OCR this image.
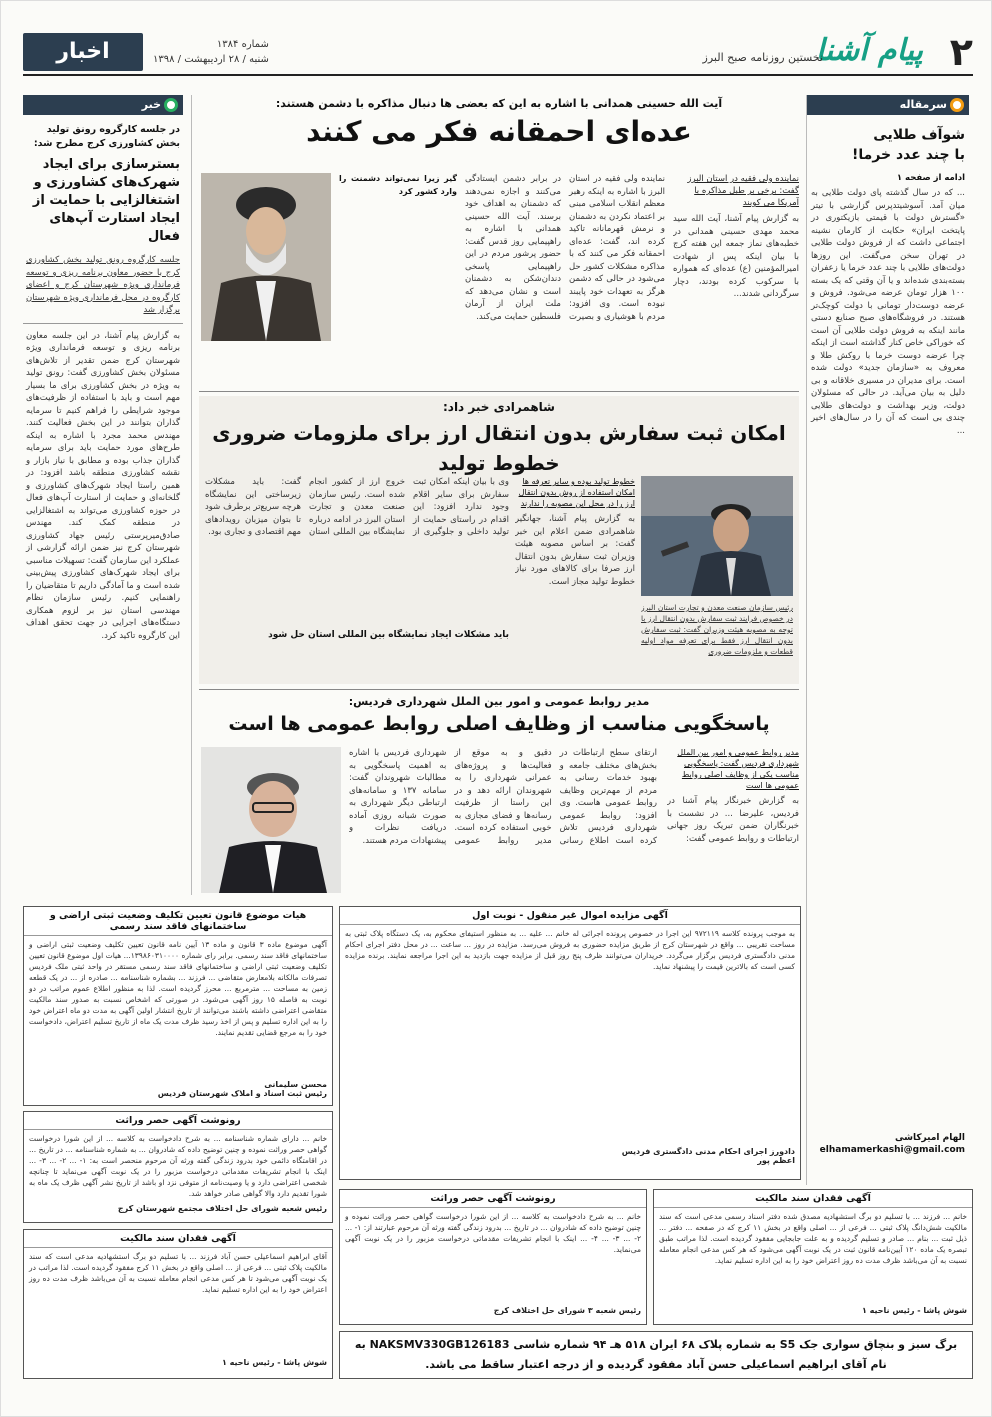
۲
پیام آشنا
نخستین روزنامه صبح البرز
اخبار	شماره ۱۳۸۴
شنبه / ۲۸ اردیبهشت / ۱۳۹۸
سرمقاله
شوآف طلایی
با چند عدد خرما!
ادامه از صفحه ۱
... که در سال گذشته پای دولت طلایی به میان آمد. آسوشیتدپرس گزارشی با تیتر «گسترش دولت با قیمتی بازیکتوری در پایتخت ایران» حکایت از کارمان نشینه اجتماعی داشت که از فروش دولت طلایی در تهران سخن می‌گفت. این روزها دولت‌های طلایی با چند عدد خرما یا زعفران بسته‌بندی شده‌اند و یا آن وقتی که یک بسته ۱۰۰ هزار تومان عرضه می‌شود. فروش و عرضه دوست‌دار تومانی با دولت کوچک‌تر هستند. در فروشگاه‌های صبح صنایع دستی مانند اینکه به فروش دولت طلایی آن است که خوراکی خاص کنار گذاشته است از اینکه چرا عرضه دوست خرما با روکش طلا و معروف به «سازمان جدید» دولت شده است. برای مدیران در مسیری خلاقانه و بی دلیل به بیان می‌آید. در حالی که مسئولان دولت، وزیر بهداشت و دولت‌های طلایی چندی بی است که آن را در سال‌های اخیر ...
الهام امیرکاشی
elhamamerkashi@gmail.com
خبر
در جلسه کارگروه رونق تولید بخش کشاورزی کرج مطرح شد:
بسترسازی برای ایجاد شهرک‌های کشاورزی و اشتغالزایی با حمایت از ایجاد استارت آپ‌های فعال
جلسه کارگروه رونق تولید بخش کشاورزی کرج با حضور معاون برنامه ریزی و توسعه فرمانداری ویژه شهرستان کرج و اعضای کارگروه در محل فرمانداری ویژه شهرستان برگزار شد
به گزارش پیام آشنا، در این جلسه معاون برنامه ریزی و توسعه فرمانداری ویژه شهرستان کرج ضمن تقدیر از تلاش‌های مسئولان بخش کشاورزی گفت: رونق تولید به ویژه در بخش کشاورزی برای ما بسیار مهم است و باید با استفاده از ظرفیت‌های موجود شرایطی را فراهم کنیم تا سرمایه گذاران بتوانند در این بخش فعالیت کنند. مهندس محمد مجرد با اشاره به اینکه طرح‌های مورد حمایت باید برای سرمایه گذاران جذاب بوده و مطابق با نیاز بازار و نقشه کشاورزی منطقه باشد افزود: در همین راستا ایجاد شهرک‌های کشاورزی و گلخانه‌ای و حمایت از استارت آپ‌های فعال در حوزه کشاورزی می‌تواند به اشتغالزایی در منطقه کمک کند. مهندس صادق‌میرپرستی رئیس جهاد کشاورزی شهرستان کرج نیز ضمن ارائه گزارشی از عملکرد این سازمان گفت: تسهیلات مناسبی برای ایجاد شهرک‌های کشاورزی پیش‌بینی شده است و ما آمادگی داریم تا متقاضیان را راهنمایی کنیم. رئیس سازمان نظام مهندسی استان نیز بر لزوم همکاری دستگاه‌های اجرایی در جهت تحقق اهداف این کارگروه تاکید کرد.
آیت الله حسینی همدانی با اشاره به این که بعضی ها دنبال مذاکره با دشمن هستند:
عده‌ای احمقانه فکر می کنند
گیر زیرا نمی‌تواند دشمنت را وارد کشور کرد
نماینده ولی فقیه در استان البرز با اشاره به اینکه رهبر معظم انقلاب اسلامی مبنی بر اعتماد نکردن به دشمنان و نرمش قهرمانانه تاکید کرده اند، گفت: عده‌ای احمقانه فکر می کنند که با مذاکره مشکلات کشور حل می‌شود در حالی که دشمن هرگز به تعهدات خود پایبند نبوده است. وی افزود: مردم با هوشیاری و بصیرت در برابر دشمن ایستادگی می‌کنند و اجازه نمی‌دهند که دشمنان به اهداف خود برسند. آیت الله حسینی همدانی با اشاره به راهپیمایی روز قدس گفت: حضور پرشور مردم در این راهپیمایی پاسخی دندان‌شکن به دشمنان است و نشان می‌دهد که ملت ایران از آرمان فلسطین حمایت می‌کند.
نماینده ولی فقیه در استان البرز گفت: برخی بر طبل مذاکره با آمریکا می کوبند
به گزارش پیام آشنا، آیت الله سید محمد مهدی حسینی همدانی در خطبه‌های نماز جمعه این هفته کرج با بیان اینکه پس از شهادت امیرالمؤمنین (ع) عده‌ای که همواره با سرکوب کرده بودند، دچار سرگردانی شدند...
شاهمرادی خبر داد:
امکان ثبت سفارش بدون انتقال ارز برای ملزومات ضروری خطوط تولید
رئیس سازمان صنعت معدن و تجارت استان البرز در خصوص فرایند ثبت سفارش بدون انتقال ارز با توجه به مصوبه هیئت وزیران گفت: ثبت سفارش بدون انتقال ارز فقط برای تعرفه مواد اولیه قطعات و ملزومات ضروری
خطوط تولید بوده و سایر تعرفه ها امکان استفاده از روش بدون انتقال ارز را در محل این مصوبه را ندارند
به گزارش پیام آشنا، جهانگیر شاهمرادی ضمن اعلام این خبر گفت: بر اساس مصوبه هیئت وزیران ثبت سفارش بدون انتقال ارز صرفا برای کالاهای مورد نیاز خطوط تولید مجاز است.
وی با بیان اینکه امکان ثبت سفارش برای سایر اقلام وجود ندارد افزود: این اقدام در راستای حمایت از تولید داخلی و جلوگیری از خروج ارز از کشور انجام شده است. رئیس سازمان صنعت معدن و تجارت استان البرز در ادامه درباره نمایشگاه بین المللی استان گفت: باید مشکلات زیرساختی این نمایشگاه هرچه سریع‌تر برطرف شود تا بتوان میزبان رویدادهای مهم اقتصادی و تجاری بود.
باید مشکلات ایجاد نمایشگاه بین المللی استان حل شود
مدیر روابط عمومی و امور بین الملل شهرداری فردیس:
پاسخگویی مناسب از وظایف اصلی روابط عمومی ها است
ارتقای سطح ارتباطات در بخش‌های مختلف جامعه و بهبود خدمات رسانی به مردم از مهم‌ترین وظایف روابط عمومی هاست. وی افزود: روابط عمومی شهرداری فردیس تلاش کرده است اطلاع رسانی دقیق و به موقع از فعالیت‌ها و پروژه‌های عمرانی شهرداری را به شهروندان ارائه دهد و در این راستا از ظرفیت رسانه‌ها و فضای مجازی به خوبی استفاده کرده است. مدیر روابط عمومی شهرداری فردیس با اشاره به اهمیت پاسخگویی به مطالبات شهروندان گفت: سامانه ۱۳۷ و سامانه‌های ارتباطی دیگر شهرداری به صورت شبانه روزی آماده دریافت نظرات و پیشنهادات مردم هستند.
مدیر روابط عمومی و امور بین الملل شهرداری فردیس گفت: پاسخگویی مناسب یکی از وظایف اصلی روابط عمومی ها است
به گزارش خبرنگار پیام آشنا در فردیس، علیرضا ... در نشست با خبرنگاران ضمن تبریک روز جهانی ارتباطات و روابط عمومی گفت:
آگهی مزایده اموال غیر منقول - نوبت اول
به موجب پرونده کلاسه ۹۷۲۱۱۹ این اجرا در خصوص پرونده اجرائی له خانم ... علیه ... به منظور استیفای محکوم به، یک دستگاه پلاک ثبتی به مساحت تقریبی ... واقع در شهرستان کرج از طریق مزایده حضوری به فروش می‌رسد. مزایده در روز ... ساعت ... در محل دفتر اجرای احکام مدنی دادگستری فردیس برگزار می‌گردد. خریداران می‌توانند ظرف پنج روز قبل از مزایده جهت بازدید به این اجرا مراجعه نمایند. برنده مزایده کسی است که بالاترین قیمت را پیشنهاد نماید.
دادورز اجرای احکام مدنی دادگستری فردیس
اعظم پور
هیات موضوع قانون تعیین تکلیف وضعیت ثبتی اراضی و ساختمانهای فاقد سند رسمی
آگهی موضوع ماده ۳ قانون و ماده ۱۳ آیین نامه قانون تعیین تکلیف وضعیت ثبتی اراضی و ساختمانهای فاقد سند رسمی. برابر رای شماره ۱۳۹۸۶۰۳۱۰۰۰۰... هیات اول موضوع قانون تعیین تکلیف وضعیت ثبتی اراضی و ساختمانهای فاقد سند رسمی مستقر در واحد ثبتی ملک فردیس تصرفات مالکانه بلامعارض متقاضی ... فرزند ... بشماره شناسنامه ... صادره از ... در یک قطعه زمین به مساحت ... مترمربع ... محرز گردیده است. لذا به منظور اطلاع عموم مراتب در دو نوبت به فاصله ۱۵ روز آگهی می‌شود. در صورتی که اشخاص نسبت به صدور سند مالکیت متقاضی اعتراضی داشته باشند می‌توانند از تاریخ انتشار اولین آگهی به مدت دو ماه اعتراض خود را به این اداره تسلیم و پس از اخذ رسید ظرف مدت یک ماه از تاریخ تسلیم اعتراض، دادخواست خود را به مرجع قضایی تقدیم نمایند.
محسن سلیمانی
رئیس ثبت اسناد و املاک شهرستان فردیس
رونوشت آگهی حصر وراثت
خانم ... دارای شماره شناسنامه ... به شرح دادخواست به کلاسه ... از این شورا درخواست گواهی حصر وراثت نموده و چنین توضیح داده که شادروان ... به شماره شناسنامه ... در تاریخ ... در اقامتگاه دائمی خود بدرود زندگی گفته ورثه آن مرحوم منحصر است به: ۱- ... ۲- ... ۳- ... اینک با انجام تشریفات مقدماتی درخواست مزبور را در یک نوبت آگهی می‌نماید تا چنانچه شخصی اعتراضی دارد و یا وصیت‌نامه از متوفی نزد او باشد از تاریخ نشر آگهی ظرف یک ماه به شورا تقدیم دارد والا گواهی صادر خواهد شد.
رئیس شعبه شورای حل اختلاف مجتمع شهرستان کرج
آگهی فقدان سند مالکیت
خانم ... فرزند ... با تسلیم دو برگ استشهادیه مصدق شده دفتر اسناد رسمی مدعی است که سند مالکیت شش‌دانگ پلاک ثبتی ... فرعی از ... اصلی واقع در بخش ۱۱ کرج که در صفحه ... دفتر ... ذیل ثبت ... بنام ... صادر و تسلیم گردیده و به علت جابجایی مفقود گردیده است. لذا مراتب طبق تبصره یک ماده ۱۲۰ آیین‌نامه قانون ثبت در یک نوبت آگهی می‌شود که هر کس مدعی انجام معامله نسبت به آن می‌باشد ظرف مدت ده روز اعتراض خود را به این اداره تسلیم نماید.
شوش پاشا - رئیس ناحیه ۱
رونوشت آگهی حصر وراثت
خانم ... به شرح دادخواست به کلاسه ... از این شورا درخواست گواهی حصر وراثت نموده و چنین توضیح داده که شادروان ... در تاریخ ... بدرود زندگی گفته ورثه آن مرحوم عبارتند از: ۱- ... ۲- ... ۳- ... ۴- ... اینک با انجام تشریفات مقدماتی درخواست مزبور را در یک نوبت آگهی می‌نماید.
رئیس شعبه ۳ شورای حل اختلاف کرج
آگهی فقدان سند مالکیت
آقای ابراهیم اسماعیلی حسن آباد فرزند ... با تسلیم دو برگ استشهادیه مدعی است که سند مالکیت پلاک ثبتی ... فرعی از ... اصلی واقع در بخش ۱۱ کرج مفقود گردیده است. لذا مراتب در یک نوبت آگهی می‌شود تا هر کس مدعی انجام معامله نسبت به آن می‌باشد ظرف مدت ده روز اعتراض خود را به این اداره تسلیم نماید.
شوش پاشا - رئیس ناحیه ۱
برگ سبز و بنچاق سواری جک S5 به شماره پلاک ۶۸ ایران ۵۱۸ هـ ۹۴ شماره شاسی NAKSMV330GB126183 به نام آقای ابراهیم اسماعیلی حسن آباد مفقود گردیده و از درجه اعتبار ساقط می باشد.
